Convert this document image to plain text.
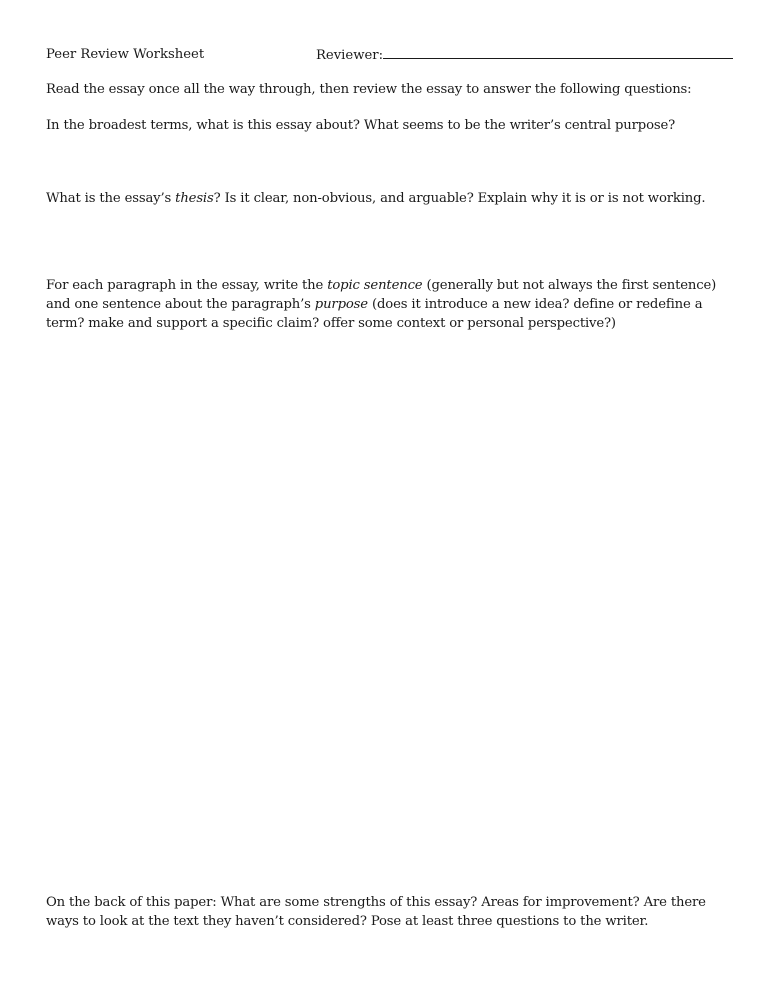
Peer Review Worksheet	Reviewer:

Read the essay once all the way through, then review the essay to answer the following questions:

In the broadest terms, what is this essay about? What seems to be the writer’s central purpose?

What is the essay’s thesis? Is it clear, non-obvious, and arguable? Explain why it is or is not working.

For each paragraph in the essay, write the topic sentence (generally but not always the first sentence) and one sentence about the paragraph’s purpose (does it introduce a new idea? define or redefine a term? make and support a specific claim? offer some context or personal perspective?)

On the back of this paper: What are some strengths of this essay? Areas for improvement? Are there ways to look at the text they haven’t considered? Pose at least three questions to the writer.
